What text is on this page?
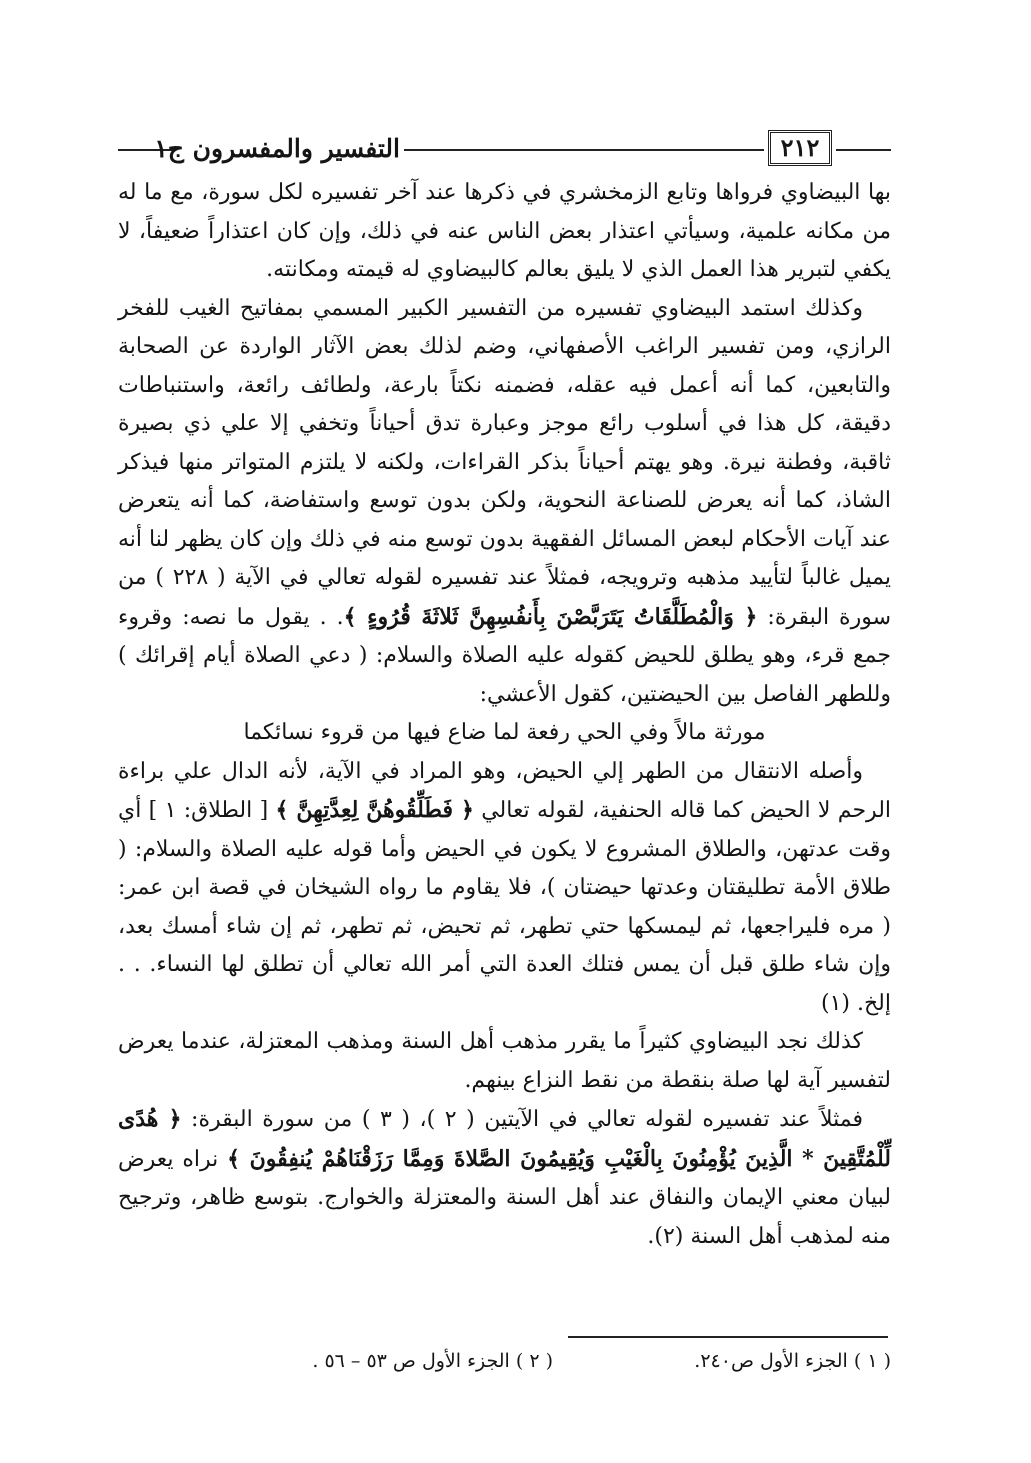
التفسير والمفسرون ج١	٢١٢

بها البيضاوي فرواها وتابع الزمخشري في ذكرها عند آخر تفسيره لكل سورة، مع ما له من مكانه علمية، وسيأتي اعتذار بعض الناس عنه في ذلك، وإن كان اعتذاراً ضعيفاً، لا يكفي لتبرير هذا العمل الذي لا يليق بعالم كالبيضاوي له قيمته ومكانته.

وكذلك استمد البيضاوي تفسيره من التفسير الكبير المسمي بمفاتيح الغيب للفخر الرازي، ومن تفسير الراغب الأصفهاني، وضم لذلك بعض الآثار الواردة عن الصحابة والتابعين، كما أنه أعمل فيه عقله، فضمنه نكتاً بارعة، ولطائف رائعة، واستنباطات دقيقة، كل هذا في أسلوب رائع موجز وعبارة تدق أحياناً وتخفي إلا علي ذي بصيرة ثاقبة، وفطنة نيرة. وهو يهتم أحياناً بذكر القراءات، ولكنه لا يلتزم المتواتر منها فيذكر الشاذ، كما أنه يعرض للصناعة النحوية، ولكن بدون توسع واستفاضة، كما أنه يتعرض عند آيات الأحكام لبعض المسائل الفقهية بدون توسع منه في ذلك وإن كان يظهر لنا أنه يميل غالباً لتأييد مذهبه وترويجه، فمثلاً عند تفسيره لقوله تعالي في الآية ( ٢٢٨ ) من سورة البقرة: ﴿ وَالْمُطَلَّقَاتُ يَتَرَبَّصْنَ بِأَنفُسِهِنَّ ثَلاثَةَ قُرُوءٍ ﴾. . يقول ما نصه: وقروء جمع قرء، وهو يطلق للحيض كقوله عليه الصلاة والسلام: ( دعي الصلاة أيام إقرائك ) وللطهر الفاصل بين الحيضتين، كقول الأعشي:

مورثة مالاً وفي الحي رفعة لما ضاع فيها من قروء نسائكما

وأصله الانتقال من الطهر إلي الحيض، وهو المراد في الآية، لأنه الدال علي براءة الرحم لا الحيض كما قاله الحنفية، لقوله تعالي ﴿ فَطَلِّقُوهُنَّ لِعِدَّتِهِنَّ ﴾ [ الطلاق: ١ ] أي وقت عدتهن، والطلاق المشروع لا يكون في الحيض وأما قوله عليه الصلاة والسلام: ( طلاق الأمة تطليقتان وعدتها حيضتان )، فلا يقاوم ما رواه الشيخان في قصة ابن عمر: ( مره فليراجعها، ثم ليمسكها حتي تطهر، ثم تحيض، ثم تطهر، ثم إن شاء أمسك بعد، وإن شاء طلق قبل أن يمس فتلك العدة التي أمر الله تعالي أن تطلق لها النساء. . . إلخ. (١)

كذلك نجد البيضاوي كثيراً ما يقرر مذهب أهل السنة ومذهب المعتزلة، عندما يعرض لتفسير آية لها صلة بنقطة من نقط النزاع بينهم.

فمثلاً عند تفسيره لقوله تعالي في الآيتين ( ٢ )، ( ٣ ) من سورة البقرة: ﴿ هُدًى لِّلْمُتَّقِينَ * الَّذِينَ يُؤْمِنُونَ بِالْغَيْبِ وَيُقِيمُونَ الصَّلاةَ وَمِمَّا رَزَقْنَاهُمْ يُنفِقُونَ ﴾ نراه يعرض لبيان معني الإيمان والنفاق عند أهل السنة والمعتزلة والخوارج. بتوسع ظاهر، وترجيح منه لمذهب أهل السنة (٢).

( ١ ) الجزء الأول ص٢٤٠.
( ٢ ) الجزء الأول ص ٥٣ – ٥٦ .
